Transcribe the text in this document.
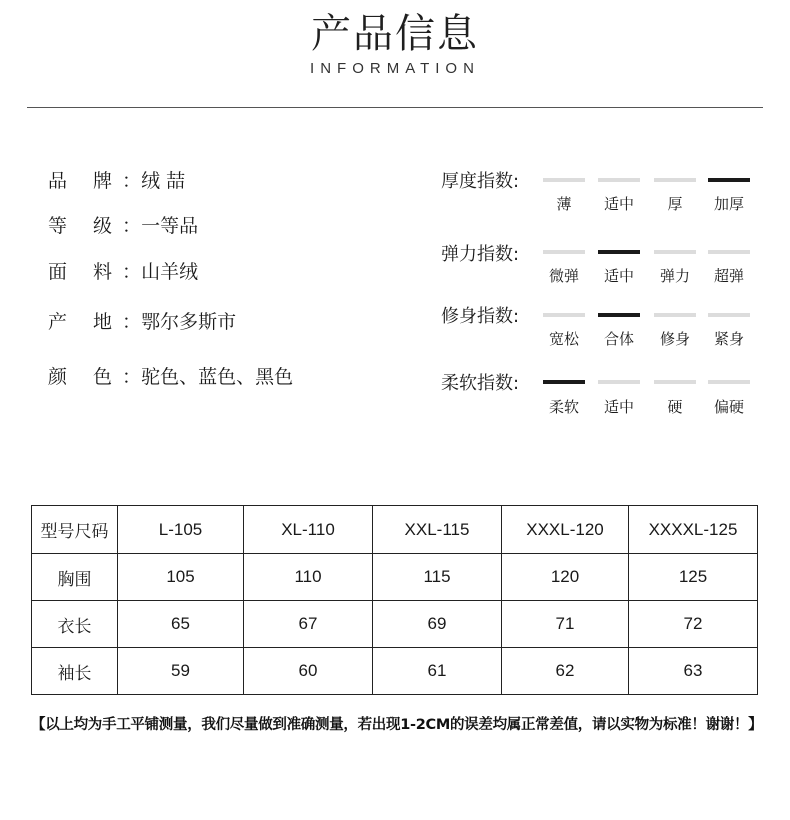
产品信息
INFORMATION
品 牌：绒 喆
等 级：一等品
面 料：山羊绒
产 地：鄂尔多斯市
颜 色：驼色、蓝色、黑色
厚度指数:
薄	适中	厚	加厚
弹力指数:
微弹	适中	弹力	超弹
修身指数:
宽松	合体	修身	紧身
柔软指数:
柔软	适中	硬	偏硬
型号尺码	L-105	XL-110	XXL-115	XXXL-120	XXXXL-125
胸围	105	110	115	120	125
衣长	65	67	69	71	72
袖长	59	60	61	62	63
【以上均为手工平铺测量，我们尽量做到准确测量，若出现1-2CM的误差均属正常差值，请以实物为标准！谢谢！】
